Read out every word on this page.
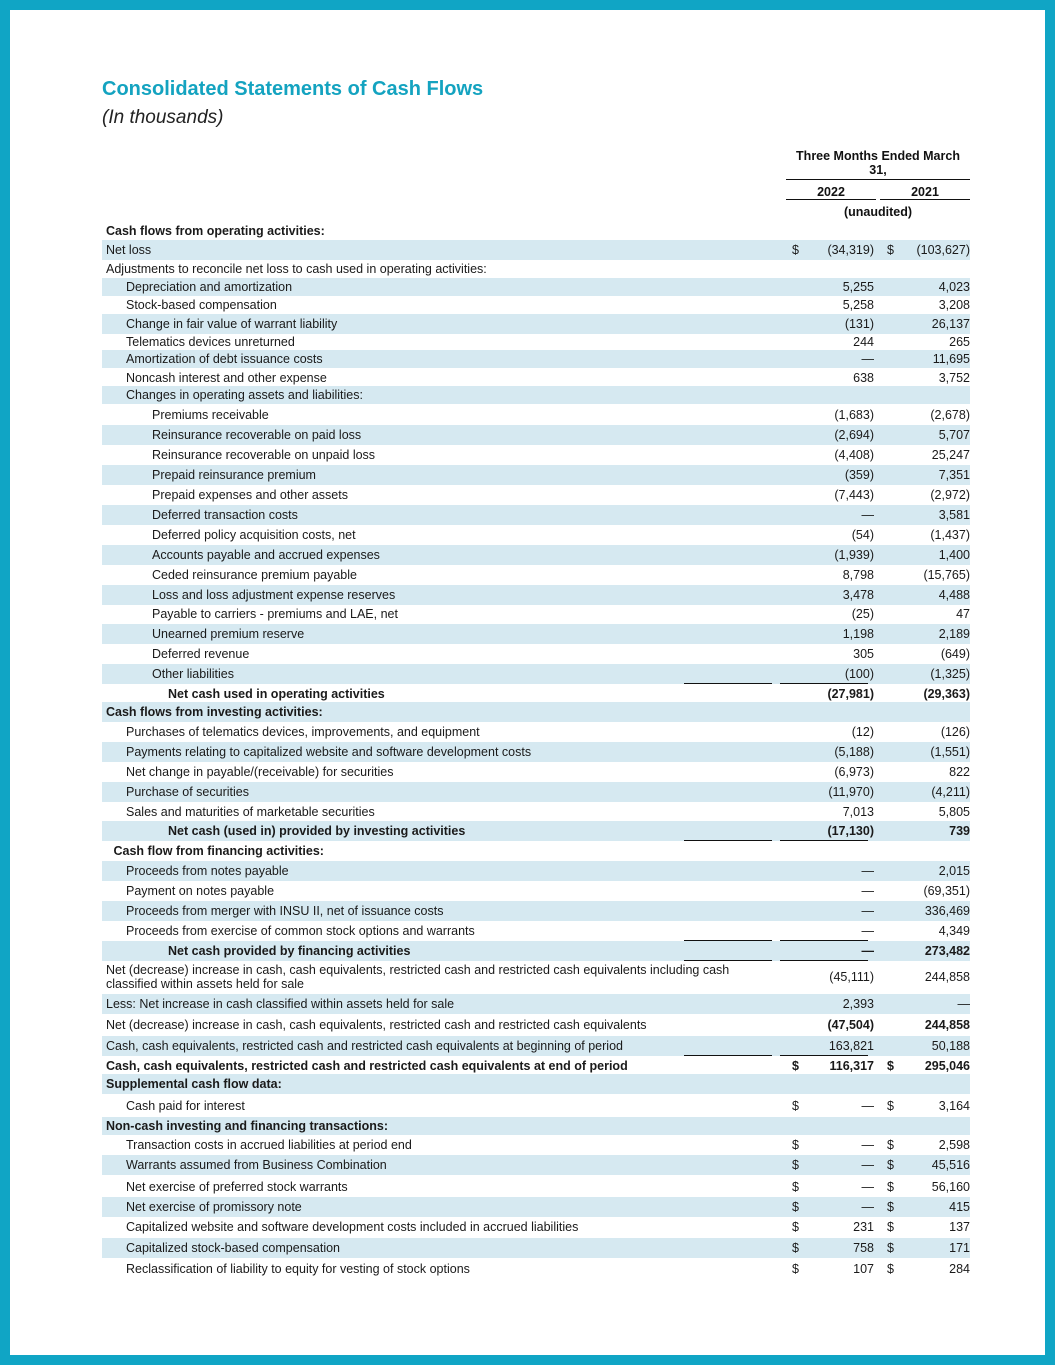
Consolidated Statements of Cash Flows
(In thousands)
Three Months Ended March 31,
2022	2021
(unaudited)
Cash flows from operating activities:
Net loss	$	(34,319) $	(103,627)
Adjustments to reconcile net loss to cash used in operating activities:
Depreciation and amortization	5,255	4,023
Stock-based compensation	5,258	3,208
Change in fair value of warrant liability	(131)	26,137
Telematics devices unreturned	244	265
Amortization of debt issuance costs	—	11,695
Noncash interest and other expense	638	3,752
Changes in operating assets and liabilities:
Premiums receivable	(1,683)	(2,678)
Reinsurance recoverable on paid loss	(2,694)	5,707
Reinsurance recoverable on unpaid loss	(4,408)	25,247
Prepaid reinsurance premium	(359)	7,351
Prepaid expenses and other assets	(7,443)	(2,972)
Deferred transaction costs	—	3,581
Deferred policy acquisition costs, net	(54)	(1,437)
Accounts payable and accrued expenses	(1,939)	1,400
Ceded reinsurance premium payable	8,798	(15,765)
Loss and loss adjustment expense reserves	3,478	4,488
Payable to carriers - premiums and LAE, net	(25)	47
Unearned premium reserve	1,198	2,189
Deferred revenue	305	(649)
Other liabilities	(100)	(1,325)
Net cash used in operating activities	(27,981)	(29,363)
Cash flows from investing activities:
Purchases of telematics devices, improvements, and equipment	(12)	(126)
Payments relating to capitalized website and software development costs	(5,188)	(1,551)
Net change in payable/(receivable) for securities	(6,973)	822
Purchase of securities	(11,970)	(4,211)
Sales and maturities of marketable securities	7,013	5,805
Net cash (used in) provided by investing activities	(17,130)	739
Cash flow from financing activities:
Proceeds from notes payable	—	2,015
Payment on notes payable	—	(69,351)
Proceeds from merger with INSU II, net of issuance costs	—	336,469
Proceeds from exercise of common stock options and warrants	—	4,349
Net cash provided by financing activities	—	273,482
Net (decrease) increase in cash, cash equivalents, restricted cash and restricted cash equivalents including cash classified within assets held for sale	(45,111)	244,858
Less: Net increase in cash classified within assets held for sale	2,393	—
Net (decrease) increase in cash, cash equivalents, restricted cash and restricted cash equivalents	(47,504)	244,858
Cash, cash equivalents, restricted cash and restricted cash equivalents at beginning of period	163,821	50,188
Cash, cash equivalents, restricted cash and restricted cash equivalents at end of period	$	116,317 $	295,046
Supplemental cash flow data:
Cash paid for interest	$	— $	3,164
Non-cash investing and financing transactions:
Transaction costs in accrued liabilities at period end	$	— $	2,598
Warrants assumed from Business Combination	$	— $	45,516
Net exercise of preferred stock warrants	$	— $	56,160
Net exercise of promissory note	$	— $	415
Capitalized website and software development costs included in accrued liabilities	$	231 $	137
Capitalized stock-based compensation	$	758 $	171
Reclassification of liability to equity for vesting of stock options	$	107 $	284
